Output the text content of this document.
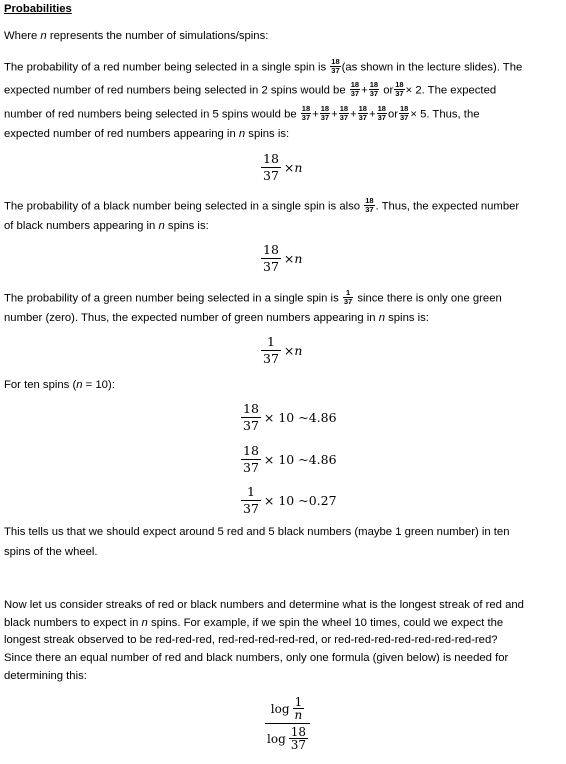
Probabilities
Where n represents the number of simulations/spins:
The probability of a red number being selected in a single spin is $\frac{18}{37} (as$ shown in the lecture slides). The
expected number of red numbers being selected in 2 spins would be $\frac{18}{37} + \frac{18}{37}$ or $\frac{18}{37} \times 2$. The expected
number of red numbers being selected in 5 spins would be $\frac{18}{37} + \frac{18}{37} + \frac{18}{37} + \frac{18}{37} + \frac{18}{37}$ or $\frac{18}{37} \times 5$. Thus, the
expected number of red numbers appearing in n spins is:
$\frac{18}{37} \times n$
The probability of a black number being selected in a single spin is also $\frac{18}{37}$ . Thus, the expected number
of black numbers appearing in n spins is:
$\frac{18}{37} \times n$
The probability of a green number being selected in a single spin is $\frac{1}{37}$ since there is only one green
number (zero). Thus, the expected number of green numbers appearing in n spins is:
$\frac{1}{37} \times n$
For ten spins (n = 10):
$\frac{18}{37} \times 10$ ~ 4.86
$\frac{18}{37} \times 10$ ~ 4.86
$\frac{1}{37} \times 10$ ~ 0.27
This tells us that we should expect around 5 red and 5 black numbers (maybe 1 green number) in ten
spins of the wheel.
Now let us consider streaks of red or black numbers and determine what is the longest streak of red and
black numbers to expect in n spins. For example, if we spin the wheel 10 times, could we expect the
longest streak observed to be red-red-red, red-red-red-red-red, or red-red-red-red-red-red-red-red?
Since there an equal number of red and black numbers, only one formula (given below) is needed for
determining this:
log 1
n
log 18
37
